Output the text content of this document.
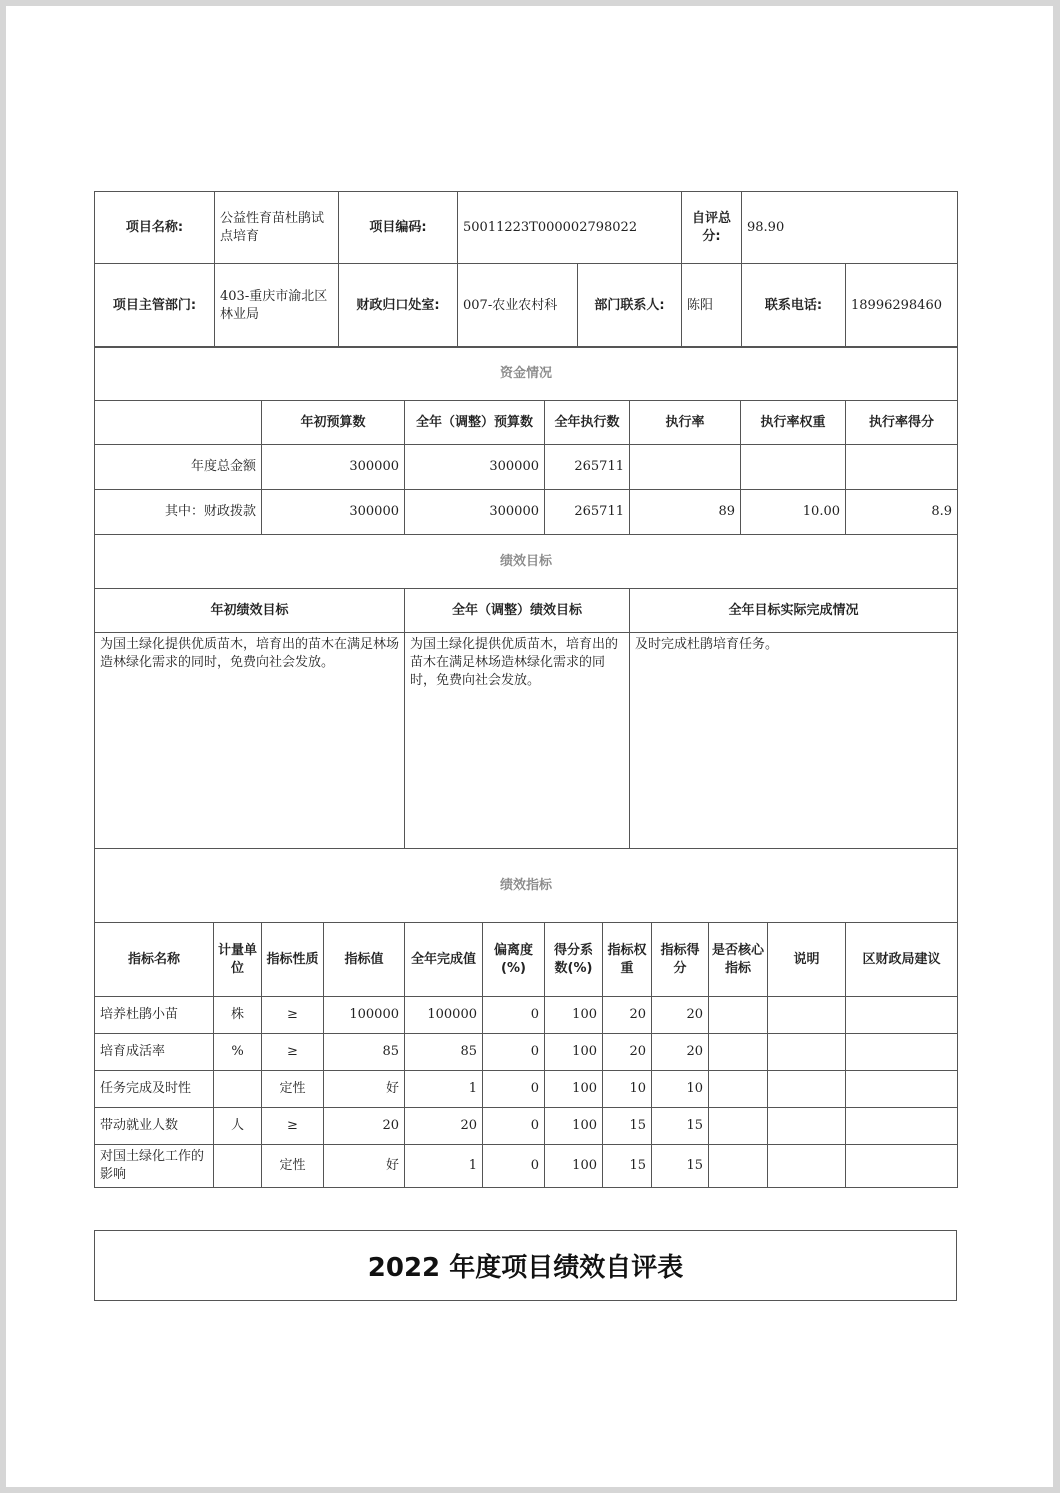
项目名称:	公益性育苗杜鹃试点培育	项目编码:	50011223T000002798022		自评总分:	98.90	
项目主管部门:	403-重庆市渝北区林业局	财政归口处室:	007-农业农村科	部门联系人:	陈阳	联系电话:	18996298460
资金情况						
	年初预算数	全年（调整）预算数	全年执行数	执行率	执行率权重	执行率得分
年度总金额	300000	300000	265711			
其中：财政拨款	300000	300000	265711	89	10.00	8.9
绩效目标		
年初绩效目标	全年（调整）绩效目标	全年目标实际完成情况
为国土绿化提供优质苗木，培育出的苗木在满足林场造林绿化需求的同时，免费向社会发放。	为国土绿化提供优质苗木，培育出的苗木在满足林场造林绿化需求的同时，免费向社会发放。	及时完成杜鹃培育任务。
绩效指标											
指标名称	计量单位	指标性质	指标值	全年完成值	偏离度(%)	得分系数(%)	指标权重	指标得分	是否核心指标	说明	区财政局建议
培养杜鹃小苗	株	≥	100000	100000	0	100	20	20			
培育成活率	%	≥	85	85	0	100	20	20			
任务完成及时性		定性	好	1	0	100	10	10			
带动就业人数	人	≥	20	20	0	100	15	15			
对国土绿化工作的影响		定性	好	1	0	100	15	15			
2022 年度项目绩效自评表
